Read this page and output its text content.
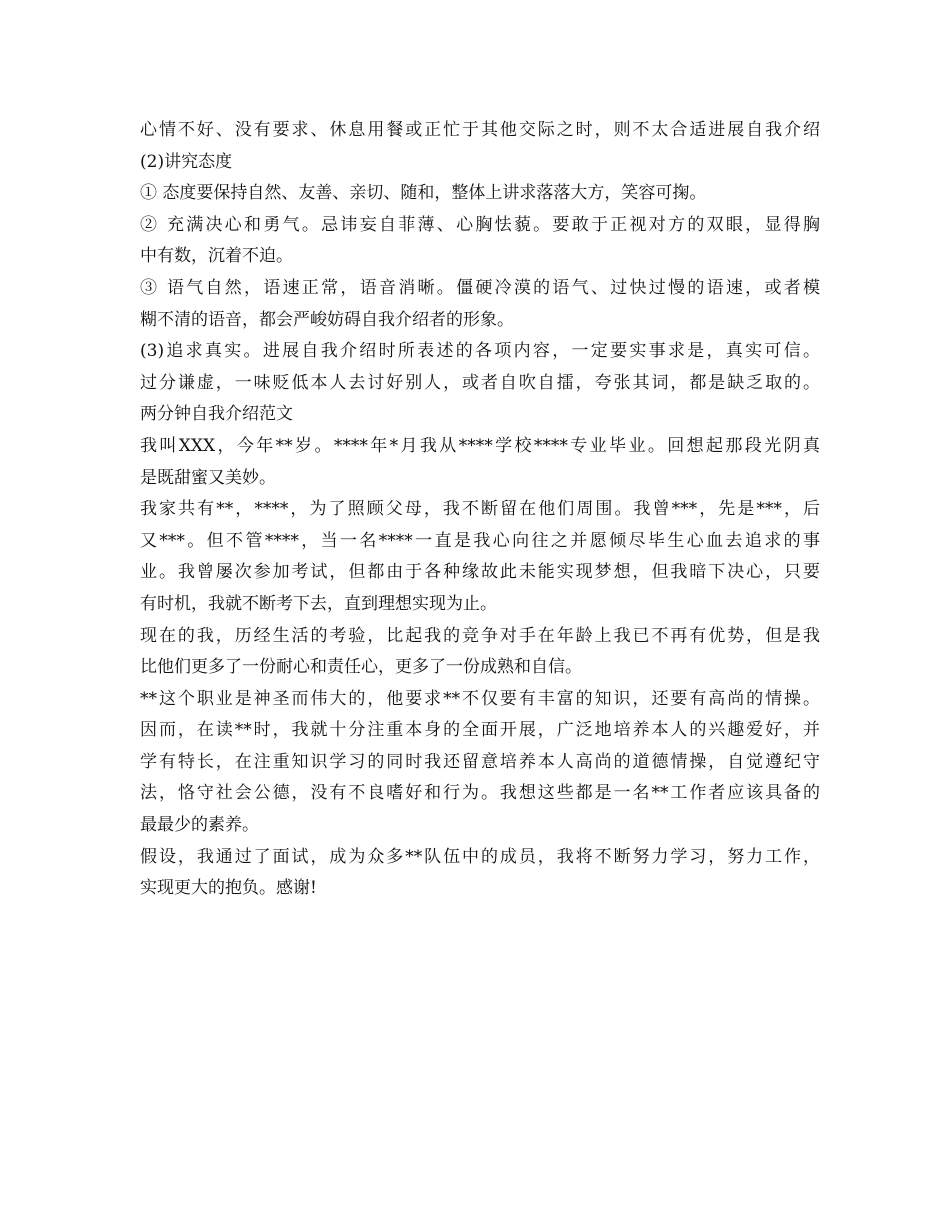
心情不好、没有要求、休息用餐或正忙于其他交际之时，则不太合适进展自我介绍
(2)讲究态度
① 态度要保持自然、友善、亲切、随和，整体上讲求落落大方，笑容可掬。
② 充满决心和勇气。忌讳妄自菲薄、心胸怯藐。要敢于正视对方的双眼，显得胸
中有数，沉着不迫。
③ 语气自然，语速正常，语音消晰。僵硬冷漠的语气、过快过慢的语速，或者模
糊不清的语音，都会严峻妨碍自我介绍者的形象。
(3)追求真实。进展自我介绍时所表述的各项内容，一定要实事求是，真实可信。
过分谦虚，一味贬低本人去讨好别人，或者自吹自擂，夸张其词，都是缺乏取的。
两分钟自我介绍范文
我叫XXX，今年**岁。****年*月我从****学校****专业毕业。回想起那段光阴真
是既甜蜜又美妙。
我家共有**，****，为了照顾父母，我不断留在他们周围。我曾***，先是***，后
又***。但不管****，当一名****一直是我心向往之并愿倾尽毕生心血去追求的事
业。我曾屡次参加考试，但都由于各种缘故此未能实现梦想，但我暗下决心，只要
有时机，我就不断考下去，直到理想实现为止。
现在的我，历经生活的考验，比起我的竞争对手在年龄上我已不再有优势，但是我
比他们更多了一份耐心和责任心，更多了一份成熟和自信。
**这个职业是神圣而伟大的，他要求**不仅要有丰富的知识，还要有高尚的情操。
因而，在读**时，我就十分注重本身的全面开展，广泛地培养本人的兴趣爱好，并
学有特长，在注重知识学习的同时我还留意培养本人高尚的道德情操，自觉遵纪守
法，恪守社会公德，没有不良嗜好和行为。我想这些都是一名**工作者应该具备的
最最少的素养。
假设，我通过了面试，成为众多**队伍中的成员，我将不断努力学习，努力工作，
实现更大的抱负。感谢!
